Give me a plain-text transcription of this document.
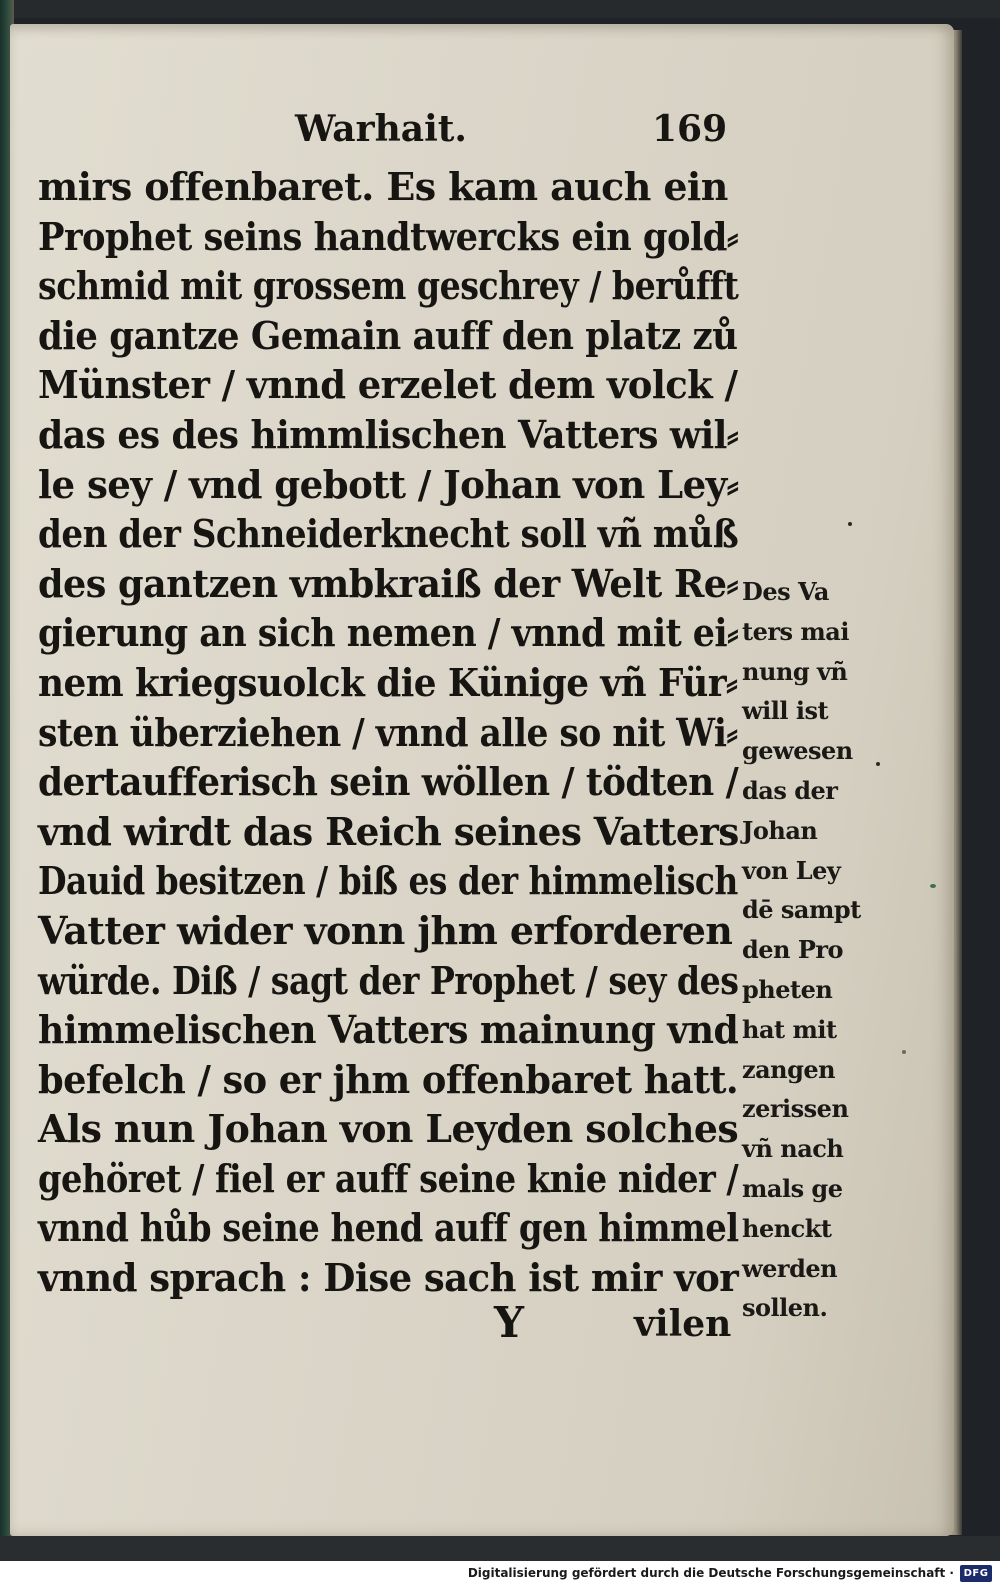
Warhait.	169
mirs offenbaret. Es kam auch ein
Prophet seins handtwercks ein gold⸗
schmid mit grossem geschrey / berůfft
die gantze Gemain auff den platz zů
Münster / vnnd erzelet dem volck /
das es des himmlischen Vatters wil⸗
le sey / vnd gebott / Johan von Ley⸗
den der Schneiderknecht soll vñ můß
des gantzen vmbkraiß der Welt Re⸗
gierung an sich nemen / vnnd mit ei⸗
nem kriegsuolck die Künige vñ Für⸗
sten überziehen / vnnd alle so nit Wi⸗
dertaufferisch sein wöllen / tödten /
vnd wirdt das Reich seines Vatters
Dauid besitzen / biß es der himmelisch
Vatter wider vonn jhm erforderen
würde. Diß / sagt der Prophet / sey des
himmelischen Vatters mainung vnd
befelch / so er jhm offenbaret hatt.
Als nun Johan von Leyden solches
gehöret / fiel er auff seine knie nider /
vnnd hůb seine hend auff gen himmel
vnnd sprach : Dise sach ist mir vor
Des Va
ters mai
nung vñ
will ist
gewesen
das der
Johan
von Ley
dē sampt
den Pro
pheten
hat mit
zangen
zerissen
vñ nach
mals ge
henckt
werden
sollen.
Y	vilen
Digitalisierung gefördert durch die Deutsche Forschungsgemeinschaft · DFG
